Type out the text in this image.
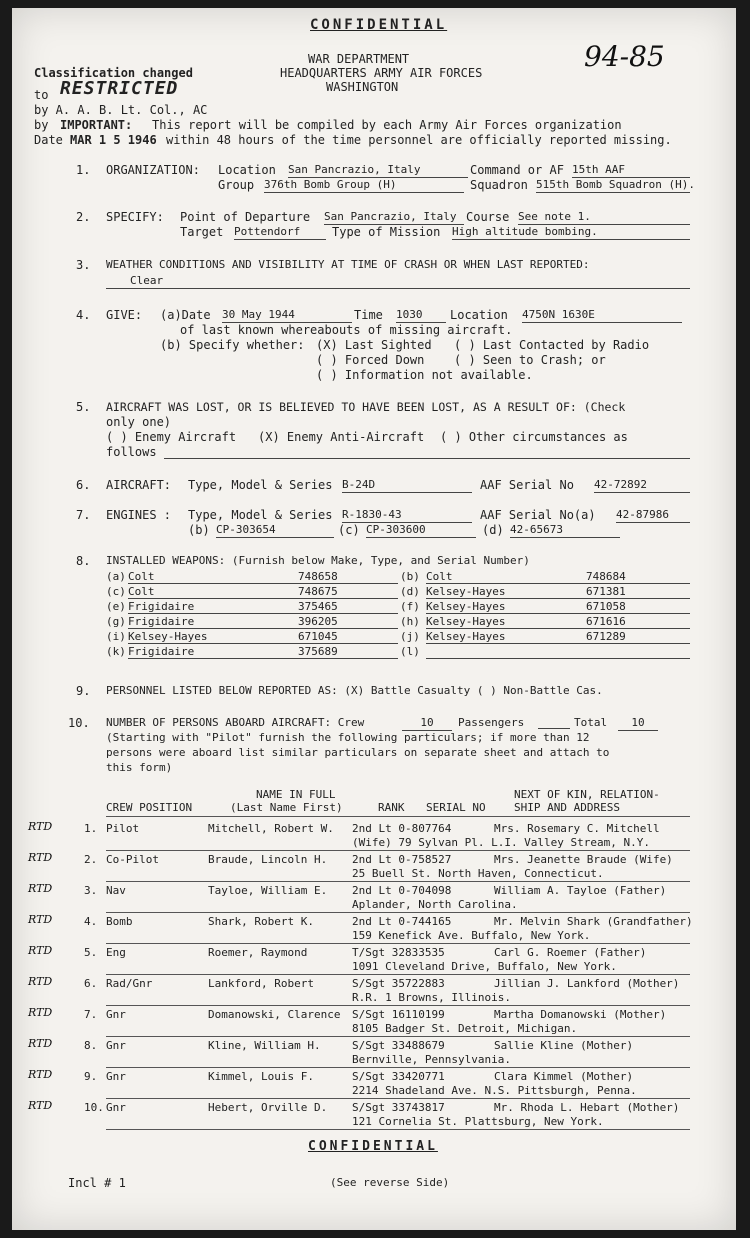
CONFIDENTIAL
WAR DEPARTMENT
HEADQUARTERS ARMY AIR FORCES
WASHINGTON
94-85
Classification changed
to RESTRICTED
by A. A. B. Lt. Col., AC
by IMPORTANT: This report will be compiled by each Army Air Forces organization
Date MAR 1 5 1946 within 48 hours of the time personnel are officially reported missing.
1. ORGANIZATION: Location San Pancrazio, Italy	Command or AF 15th AAF
Group 376th Bomb Group (H)	Squadron 515th Bomb Squadron (H).
2. SPECIFY: Point of Departure San Pancrazio, Italy Course See note 1.
Target Pottendorf	Type of Mission High altitude bombing.
3. WEATHER CONDITIONS AND VISIBILITY AT TIME OF CRASH OR WHEN LAST REPORTED:
Clear
4. GIVE: (a)Date 30 May 1944	Time 1030	Location 4750N 1630E
of last known whereabouts of missing aircraft.
(b) Specify whether: (X) Last Sighted ( ) Last Contacted by Radio
( ) Forced Down ( ) Seen to Crash; or
( ) Information not available.
5. AIRCRAFT WAS LOST, OR IS BELIEVED TO HAVE BEEN LOST, AS A RESULT OF: (Check
only one)
( ) Enemy Aircraft (X) Enemy Anti-Aircraft ( ) Other circumstances as
follows
6. AIRCRAFT: Type, Model & Series B-24D	AAF Serial No 42-72892
7. ENGINES : Type, Model & Series R-1830-43	AAF Serial No(a) 42-87986
(b) CP-303654	(c) CP-303600	(d) 42-65673
8. INSTALLED WEAPONS: (Furnish below Make, Type, and Serial Number)
9. PERSONNEL LISTED BELOW REPORTED AS: (X) Battle Casualty ( ) Non-Battle Cas.
10. NUMBER OF PERSONS ABOARD AIRCRAFT: Crew	10	Passengers	Total	10
(Starting with "Pilot" furnish the following particulars; if more than 12
persons were aboard list similar particulars on separate sheet and attach to
this form)
NAME IN FULL
(Last Name First)
CREW POSITION	RANK SERIAL NO
NEXT OF KIN, RELATION-
SHIP AND ADDRESS
CONFIDENTIAL
Incl # 1	(See reverse Side)
(a) Colt	748658	(b) Colt	748684
(c) Colt	748675	(d) Kelsey-Hayes	671381
(e) Frigidaire	375465	(f) Kelsey-Hayes	671058
(g) Frigidaire	396205	(h) Kelsey-Hayes	671616
(i) Kelsey-Hayes	671045	(j) Kelsey-Hayes	671289
(k) Frigidaire	375689	(l)
RTD	1. Pilot	Mitchell, Robert W. 2nd Lt 0-807764	Mrs. Rosemary C. Mitchell
(Wife) 79 Sylvan Pl. L.I. Valley Stream, N.Y.
RTD	2. Co-Pilot	Braude, Lincoln H. 2nd Lt 0-758527	Mrs. Jeanette Braude (Wife)
25 Buell St. North Haven, Connecticut.
RTD	3. Nav	Tayloe, William E. 2nd Lt 0-704098	William A. Tayloe (Father)
Aplander, North Carolina.
RTD	4. Bomb	Shark, Robert K.	2nd Lt 0-744165	Mr. Melvin Shark (Grandfather)
159 Kenefick Ave. Buffalo, New York.
RTD	5. Eng	Roemer, Raymond	T/Sgt 32833535	Carl G. Roemer (Father)
1091 Cleveland Drive, Buffalo, New York.
RTD	6. Rad/Gnr	Lankford, Robert	S/Sgt 35722883	Jillian J. Lankford (Mother)
R.R. 1 Browns, Illinois.
RTD	7. Gnr	Domanowski, Clarence S/Sgt 16110199	Martha Domanowski (Mother)
8105 Badger St. Detroit, Michigan.
RTD	8. Gnr	Kline, William H.	S/Sgt 33488679	Sallie Kline (Mother)
Bernville, Pennsylvania.
RTD	9. Gnr	Kimmel, Louis F.	S/Sgt 33420771	Clara Kimmel (Mother)
2214 Shadeland Ave. N.S. Pittsburgh, Penna.
RTD	10. Gnr	Hebert, Orville D. S/Sgt 33743817	Mr. Rhoda L. Hebart (Mother)
121 Cornelia St. Plattsburg, New York.
